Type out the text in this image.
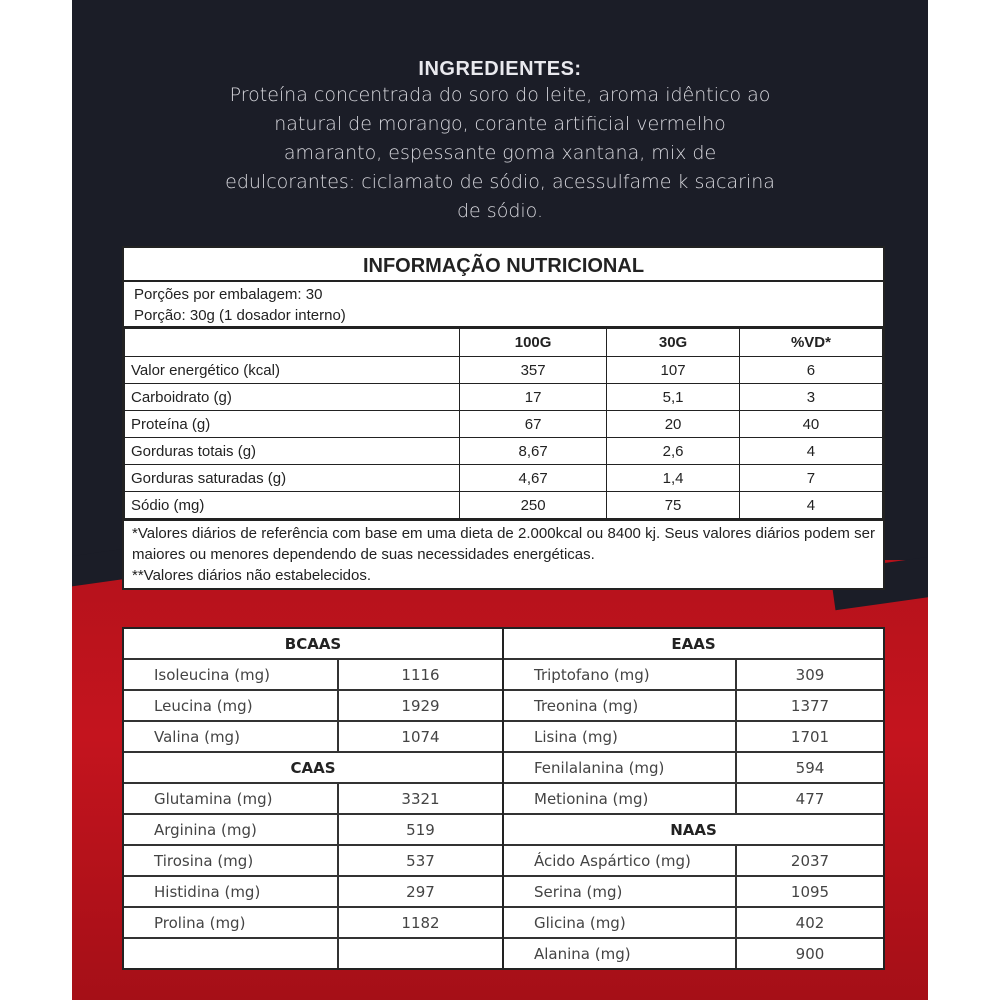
INGREDIENTES:

Proteína concentrada do soro do leite, aroma idêntico ao natural de morango, corante artificial vermelho amaranto, espessante goma xantana, mix de edulcorantes: ciclamato de sódio, acessulfame k sacarina de sódio.

INFORMAÇÃO NUTRICIONAL
Porções por embalagem: 30
Porção: 30g (1 dosador interno)
	100G	30G	%VD*
Valor energético (kcal)	357	107	6
Carboidrato (g)	17	5,1	3
Proteína (g)	67	20	40
Gorduras totais (g)	8,67	2,6	4
Gorduras saturadas (g)	4,67	1,4	7
Sódio (mg)	250	75	4
*Valores diários de referência com base em uma dieta de 2.000kcal ou 8400 kj. Seus valores diários podem ser maiores ou menores dependendo de suas necessidades energéticas.
**Valores diários não estabelecidos.
BCAAS
Isoleucina (mg)	1116
Leucina (mg)	1929
Valina (mg)	1074
CAAS
Glutamina (mg)	3321
Arginina (mg)	519
Tirosina (mg)	537
Histidina (mg)	297
Prolina (mg)	1182
EAAS
Triptofano (mg)	309
Treonina (mg)	1377
Lisina (mg)	1701
Fenilalanina (mg)	594
Metionina (mg)	477
NAAS
Ácido Aspártico (mg)	2037
Serina (mg)	1095
Glicina (mg)	402
Alanina (mg)	900
